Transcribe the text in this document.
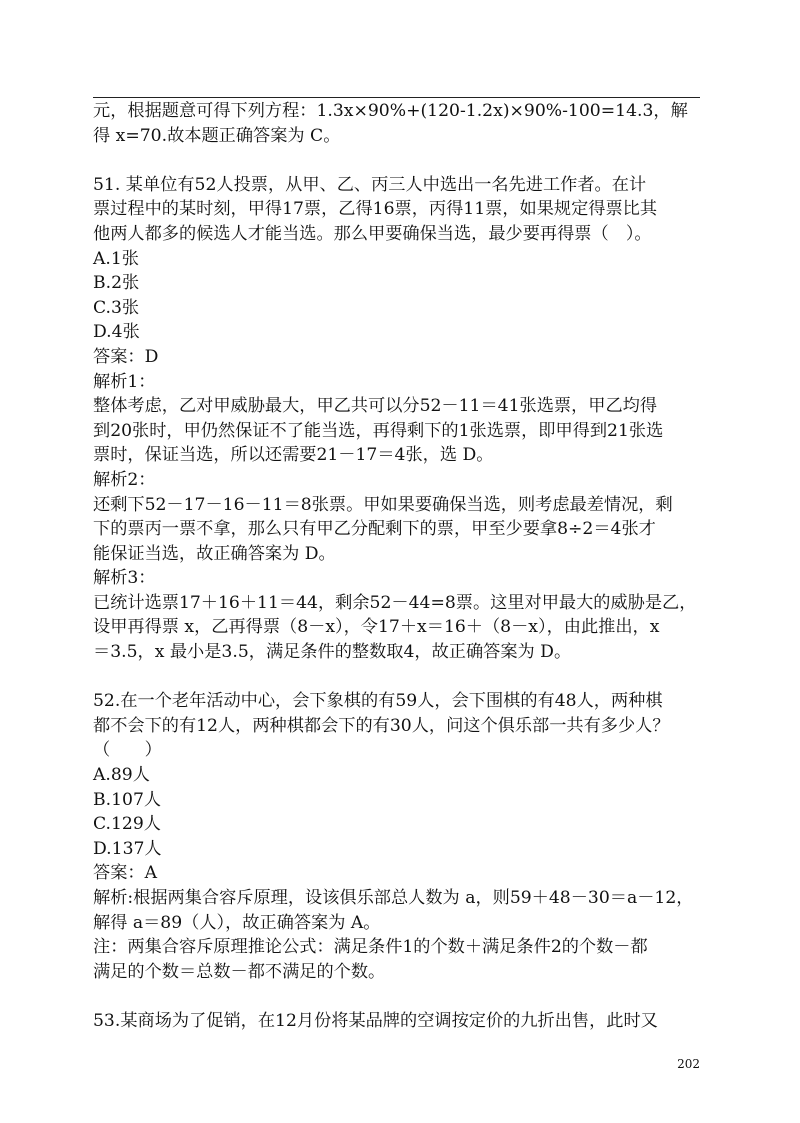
元，根据题意可得下列方程：1.3x×90%+(120-1.2x)×90%-100=14.3，解
得 x=70.故本题正确答案为 C。
51. 某单位有52人投票，从甲、乙、丙三人中选出一名先进工作者。在计
票过程中的某时刻，甲得17票，乙得16票，丙得11票，如果规定得票比其
他两人都多的候选人才能当选。那么甲要确保当选，最少要再得票（　）。
A.1张
B.2张
C.3张
D.4张
答案：D
解析1：
整体考虑，乙对甲威胁最大，甲乙共可以分52－11＝41张选票，甲乙均得
到20张时，甲仍然保证不了能当选，再得剩下的1张选票，即甲得到21张选
票时，保证当选，所以还需要21－17＝4张，选 D。
解析2：
还剩下52－17－16－11＝8张票。甲如果要确保当选，则考虑最差情况，剩
下的票丙一票不拿，那么只有甲乙分配剩下的票，甲至少要拿8÷2＝4张才
能保证当选，故正确答案为 D。
解析3：
已统计选票17＋16＋11＝44，剩余52－44=8票。这里对甲最大的威胁是乙，
设甲再得票 x，乙再得票（8－x），令17＋x＝16＋（8－x），由此推出，x
＝3.5，x 最小是3.5，满足条件的整数取4，故正确答案为 D。
52.在一个老年活动中心，会下象棋的有59人，会下围棋的有48人，两种棋
都不会下的有12人，两种棋都会下的有30人，问这个俱乐部一共有多少人？
（　　）
A.89人
B.107人
C.129人
D.137人
答案：A
解析:根据两集合容斥原理，设该俱乐部总人数为 a，则59＋48－30＝a－12，
解得 a＝89（人），故正确答案为 A。
注：两集合容斥原理推论公式：满足条件1的个数＋满足条件2的个数－都
满足的个数＝总数－都不满足的个数。
53.某商场为了促销，在12月份将某品牌的空调按定价的九折出售，此时又
202
